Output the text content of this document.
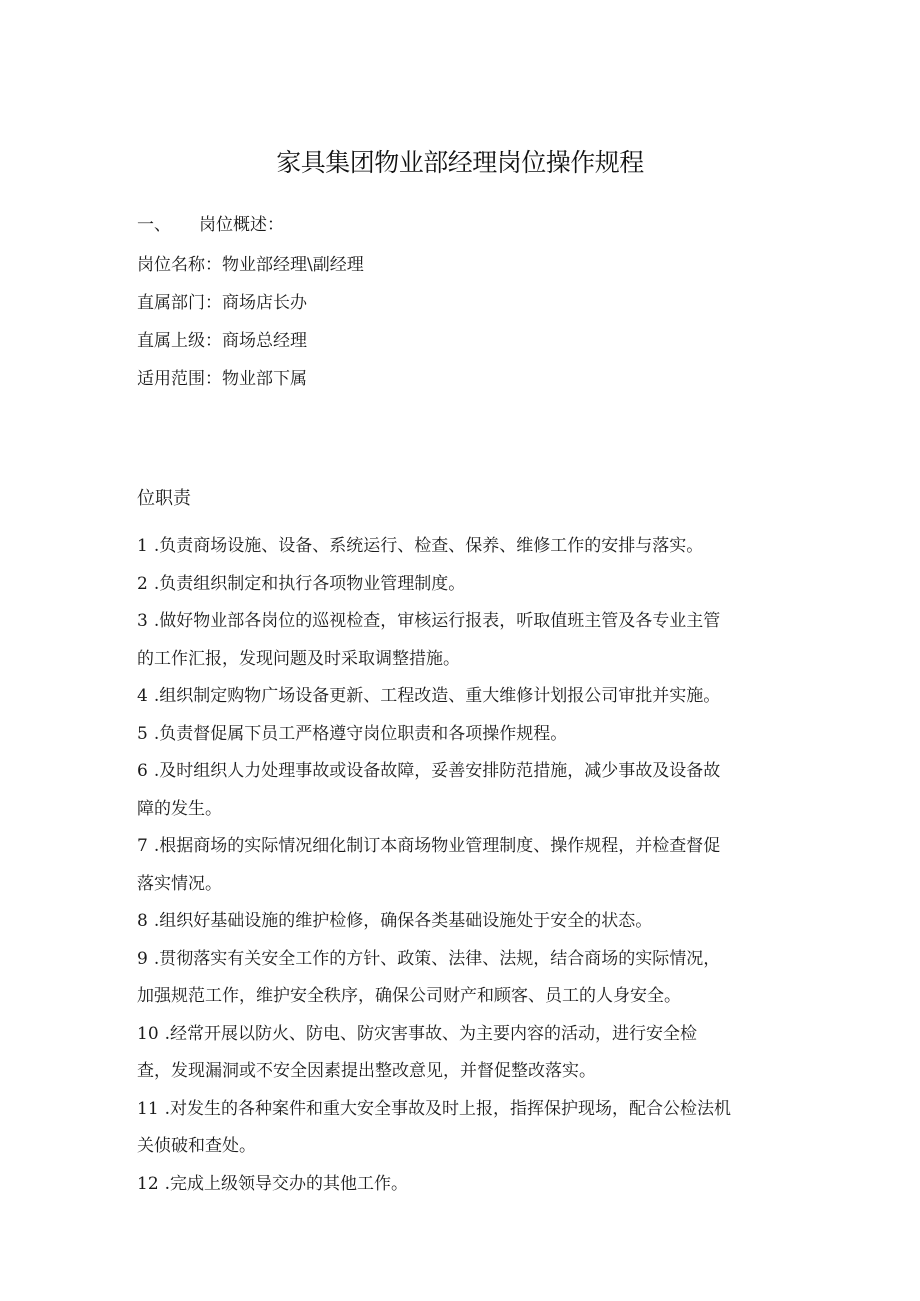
家具集团物业部经理岗位操作规程
一、 岗位概述：

岗位名称：物业部经理\副经理

直属部门：商场店长办

直属上级：商场总经理

适用范围：物业部下属

位职责
1 .负责商场设施、设备、系统运行、检查、保养、维修工作的安排与落实。
2 .负责组织制定和执行各项物业管理制度。
3 .做好物业部各岗位的巡视检查，审核运行报表，听取值班主管及各专业主管
的工作汇报，发现问题及时采取调整措施。
4 .组织制定购物广场设备更新、工程改造、重大维修计划报公司审批并实施。
5 .负责督促属下员工严格遵守岗位职责和各项操作规程。
6 .及时组织人力处理事故或设备故障，妥善安排防范措施，减少事故及设备故
障的发生。
7 .根据商场的实际情况细化制订本商场物业管理制度、操作规程，并检查督促
落实情况。
8 .组织好基础设施的维护检修，确保各类基础设施处于安全的状态。
9 .贯彻落实有关安全工作的方针、政策、法律、法规，结合商场的实际情况，
加强规范工作，维护安全秩序，确保公司财产和顾客、员工的人身安全。
10 .经常开展以防火、防电、防灾害事故、为主要内容的活动，进行安全检
查，发现漏洞或不安全因素提出整改意见，并督促整改落实。
11 .对发生的各种案件和重大安全事故及时上报，指挥保护现场，配合公检法机
关侦破和查处。
12 .完成上级领导交办的其他工作。
